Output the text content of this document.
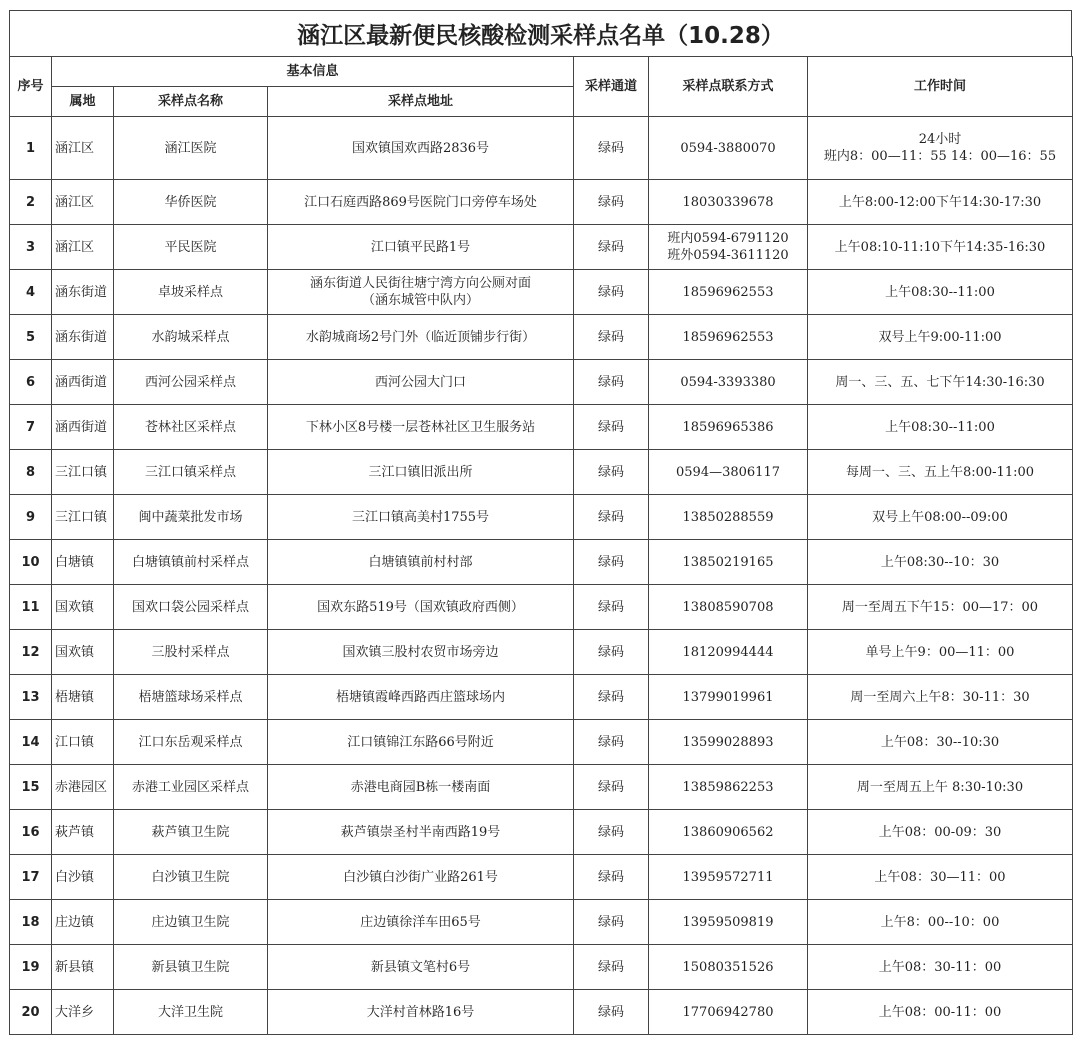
涵江区最新便民核酸检测采样点名单（10.28）
序号	基本信息			采样通道	采样点联系方式	工作时间
	属地	采样点名称	采样点地址			
1	涵江区	涵江医院	国欢镇国欢西路2836号	绿码	0594-3880070	24小时
班内8：00—11：55 14：00—16：55

2	涵江区	华侨医院	江口石庭西路869号医院门口旁停车场处	绿码	18030339678	上午8:00-12:00下午14:30-17:30

3	涵江区	平民医院	江口镇平民路1号	绿码	班内0594-6791120
班外0594-3611120	上午08:10-11:10下午14:35-16:30

4	涵东街道	卓坡采样点	涵东街道人民街往塘宁湾方向公厕对面
（涵东城管中队内）	绿码	18596962553	上午08:30--11:00

5	涵东街道	水韵城采样点	水韵城商场2号门外（临近顶铺步行街）	绿码	18596962553	双号上午9:00-11:00

6	涵西街道	西河公园采样点	西河公园大门口	绿码	0594-3393380	周一、三、五、七下午14:30-16:30

7	涵西街道	苍林社区采样点	下林小区8号楼一层苍林社区卫生服务站	绿码	18596965386	上午08:30--11:00

8	三江口镇	三江口镇采样点	三江口镇旧派出所	绿码	0594—3806117	每周一、三、五上午8:00-11:00

9	三江口镇	闽中蔬菜批发市场	三江口镇高美村1755号	绿码	13850288559	双号上午08:00--09:00

10	白塘镇	白塘镇镇前村采样点	白塘镇镇前村村部	绿码	13850219165	上午08:30--10：30

11	国欢镇	国欢口袋公园采样点	国欢东路519号（国欢镇政府西侧）	绿码	13808590708	周一至周五下午15：00—17：00

12	国欢镇	三股村采样点	国欢镇三股村农贸市场旁边	绿码	18120994444	单号上午9：00—11：00

13	梧塘镇	梧塘篮球场采样点	梧塘镇霞峰西路西庄篮球场内	绿码	13799019961	周一至周六上午8：30-11：30

14	江口镇	江口东岳观采样点	江口镇锦江东路66号附近	绿码	13599028893	上午08：30--10:30

15	赤港园区	赤港工业园区采样点	赤港电商园B栋一楼南面	绿码	13859862253	周一至周五上午 8:30-10:30

16	萩芦镇	萩芦镇卫生院	萩芦镇崇圣村半南西路19号	绿码	13860906562	上午08：00-09：30

17	白沙镇	白沙镇卫生院	白沙镇白沙街广业路261号	绿码	13959572711	上午08：30—11：00

18	庄边镇	庄边镇卫生院	庄边镇徐洋车田65号	绿码	13959509819	上午8：00--10：00

19	新县镇	新县镇卫生院	新县镇文笔村6号	绿码	15080351526	上午08：30-11：00

20	大洋乡	大洋卫生院	大洋村首林路16号	绿码	17706942780	上午08：00-11：00
